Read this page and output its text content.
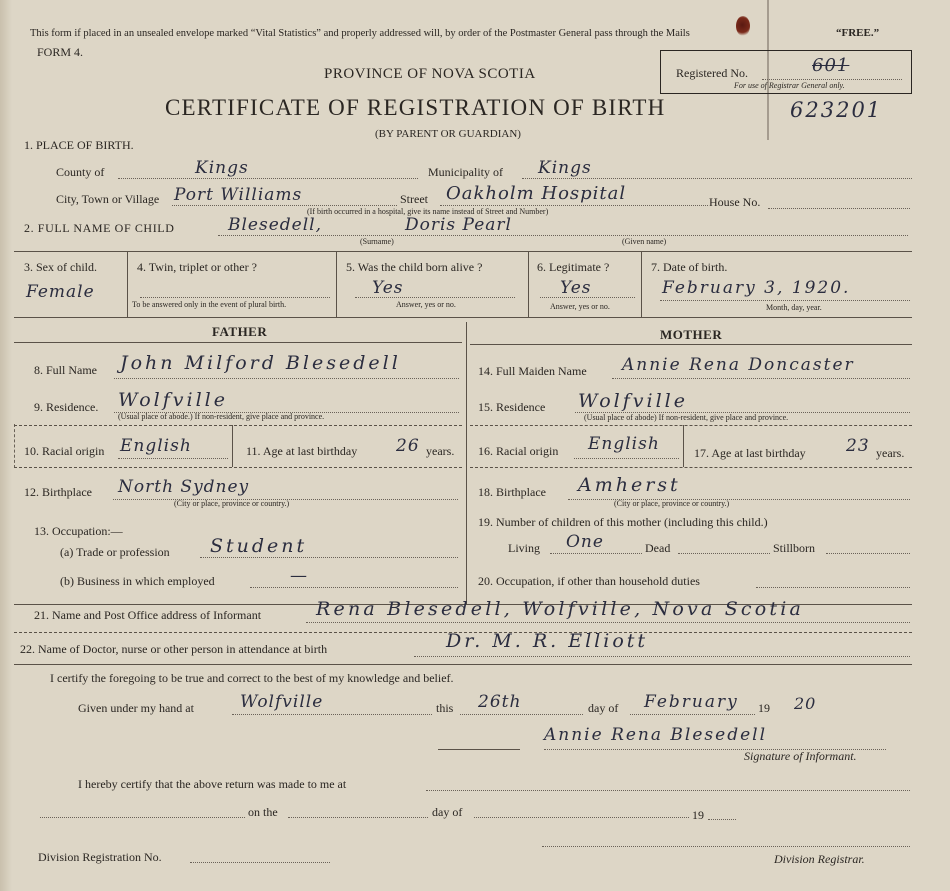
This form if placed in an unsealed envelope marked “Vital Statistics” and properly addressed will, by order of the Postmaster General pass through the Mails	“FREE.”
FORM 4.
PROVINCE OF NOVA SCOTIA
CERTIFICATE OF REGISTRATION OF BIRTH
(BY PARENT OR GUARDIAN)
Registered No.	601
For use of Registrar General only.
623201
1. PLACE OF BIRTH.
County of	Kings	Municipality of Kings
City, Town or Village Port Williams	Street Oakholm Hospital	House No.
(If birth occurred in a hospital, give its name instead of Street and Number)
2. FULL NAME OF CHILD	Blesedell,	Doris Pearl
(Surname)	(Given name)
3. Sex of child.
Female
4. Twin, triplet or other ?
To be answered only in the event of plural birth.
5. Was the child born alive ?
Yes
Answer, yes or no.
6. Legitimate ?
Yes
Answer, yes or no.
7. Date of birth.
February 3, 1920.
Month, day, year.
FATHER	MOTHER
8. Full Name John Milford Blesedell
9. Residence. Wolfville
(Usual place of abode.) If non-resident, give place and province.
10. Racial origin English	11. Age at last birthday 26 years.
12. Birthplace North Sydney
(City or place, province or country.)
13. Occupation:—
(a) Trade or profession Student
(b) Business in which employed	—
14. Full Maiden Name Annie Rena Doncaster
15. Residence Wolfville
(Usual place of abode) If non-resident, give place and province.
16. Racial origin English	17. Age at last birthday 23 years.
18. Birthplace Amherst
(City or place, province or country.)
19. Number of children of this mother (including this child.)
Living One	Dead	Stillborn
20. Occupation, if other than household duties
21. Name and Post Office address of Informant	Rena Blesedell, Wolfville, Nova Scotia
22. Name of Doctor, nurse or other person in attendance at birth	Dr. M. R. Elliott
I certify the foregoing to be true and correct to the best of my knowledge and belief.
Given under my hand at	Wolfville	this 26th	day of February 19 20
Annie Rena Blesedell
Signature of Informant.
I hereby certify that the above return was made to me at
on the	day of	19
Division Registration No.	Division Registrar.
